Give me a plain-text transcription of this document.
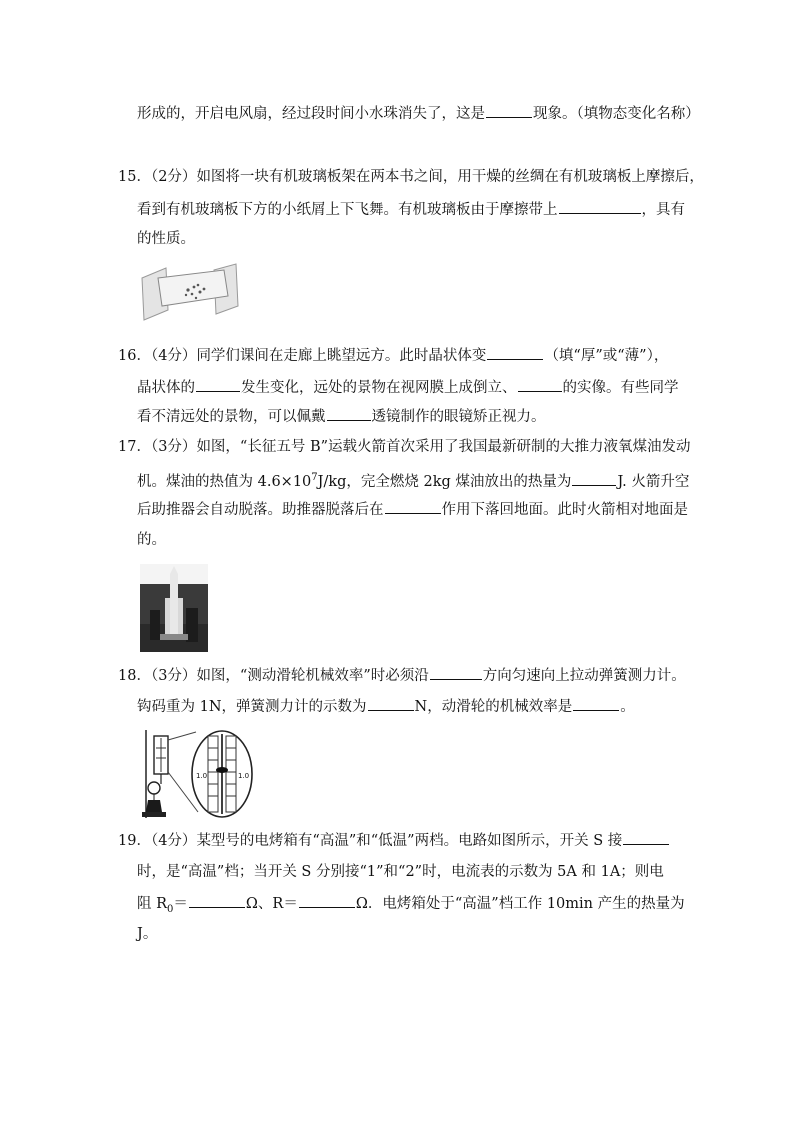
形成的，开启电风扇，经过段时间小水珠消失了，这是	现象。（填物态变化名称）
15．（2分）如图将一块有机玻璃板架在两本书之间，用干燥的丝绸在有机玻璃板上摩擦后，
看到有机玻璃板下方的小纸屑上下飞舞。有机玻璃板由于摩擦带上	，具有
的性质。
16．（4分）同学们课间在走廊上眺望远方。此时晶状体变	（填“厚”或“薄”），
晶状体的	发生变化，远处的景物在视网膜上成倒立、	的实像。有些同学
看不清远处的景物，可以佩戴	透镜制作的眼镜矫正视力。
17．（3分）如图，“长征五号 B”运载火箭首次采用了我国最新研制的大推力液氧煤油发动
机。煤油的热值为 $4.6\times 10^7J/kg$，完全燃烧 2kg 煤油放出的热量为	J. 火箭升空
后助推器会自动脱落。助推器脱落后在	作用下落回地面。此时火箭相对地面是
的。
18．（3分）如图，“测动滑轮机械效率”时必须沿	方向匀速向上拉动弹簧测力计。
钩码重为 1N，弹簧测力计的示数为	N，动滑轮的机械效率是	。
1.0	1.0
19．（4分）某型号的电烤箱有“高温”和“低温”两档。电路如图所示，开关 S 接
时，是“高温”档；当开关 S 分别接“1”和“2”时，电流表的示数为 5A 和 1A；则电
阻 $R_0=$	Ω、R＝	Ω．电烤箱处于“高温”档工作 10min 产生的热量为
J。
